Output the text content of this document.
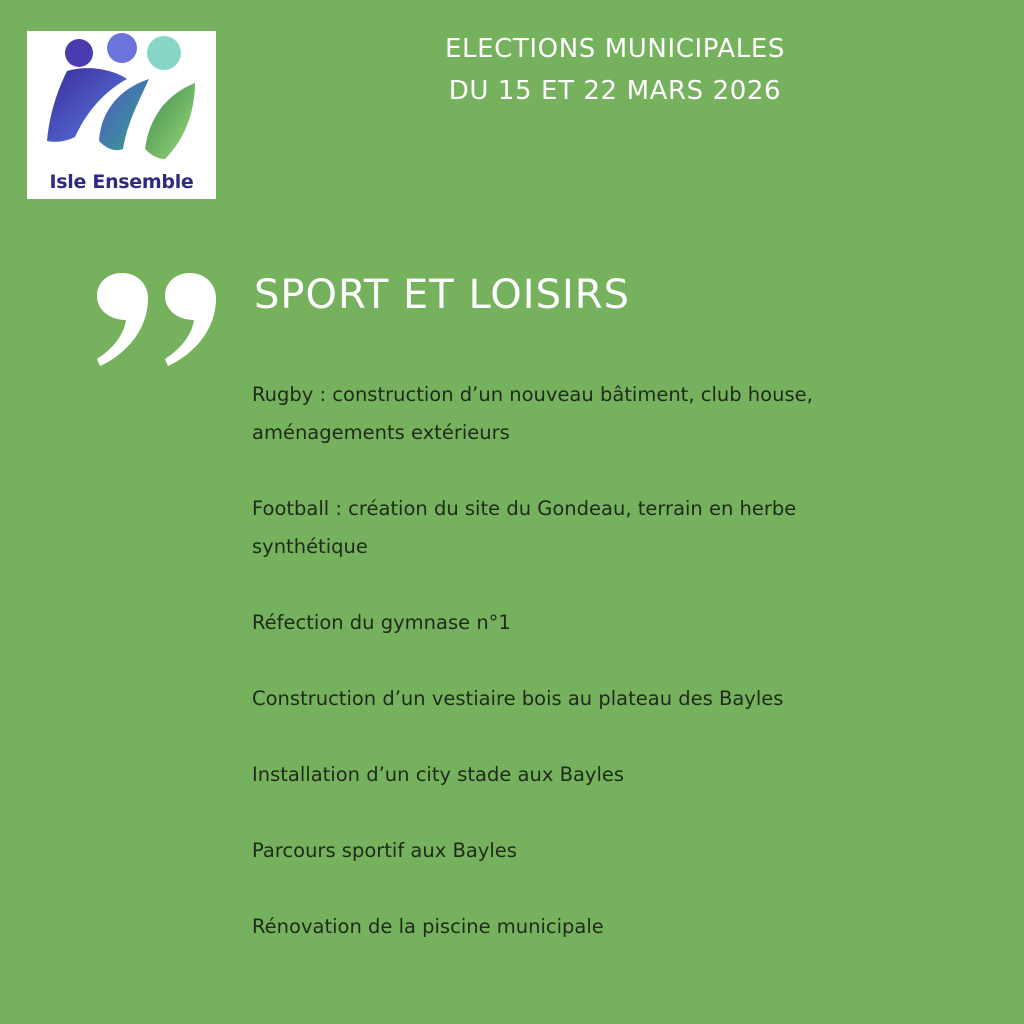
Isle Ensemble
ELECTIONS MUNICIPALES
DU 15 ET 22 MARS 2026
SPORT ET LOISIRS
Rugby : construction d’un nouveau bâtiment, club house,
aménagements extérieurs
Football : création du site du Gondeau, terrain en herbe
synthétique
Réfection du gymnase n°1
Construction d’un vestiaire bois au plateau des Bayles
Installation d’un city stade aux Bayles
Parcours sportif aux Bayles
Rénovation de la piscine municipale
